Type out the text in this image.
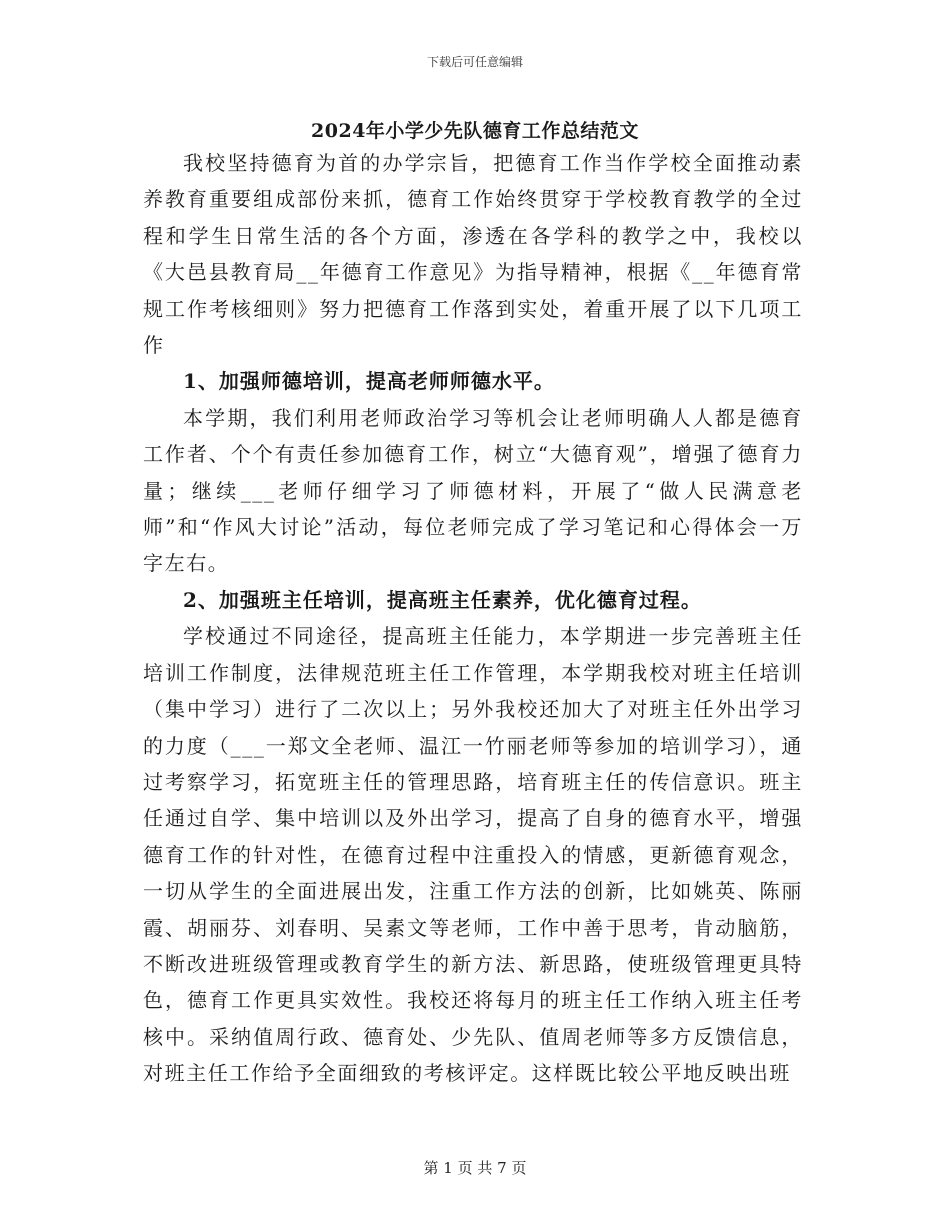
下载后可任意编辑
2024年小学少先队德育工作总结范文

我校坚持德育为首的办学宗旨，把德育工作当作学校全面推动素养教育重要组成部份来抓，德育工作始终贯穿于学校教育教学的全过程和学生日常生活的各个方面，渗透在各学科的教学之中，我校以《大邑县教育局__年德育工作意见》为指导精神，根据《__年德育常规工作考核细则》努力把德育工作落到实处，着重开展了以下几项工作

1、加强师德培训，提高老师师德水平。

本学期，我们利用老师政治学习等机会让老师明确人人都是德育工作者、个个有责任参加德育工作，树立“大德育观”，增强了德育力量；继续___老师仔细学习了师德材料，开展了“做人民满意老师”和“作风大讨论”活动，每位老师完成了学习笔记和心得体会一万字左右。

2、加强班主任培训，提高班主任素养，优化德育过程。

学校通过不同途径，提高班主任能力，本学期进一步完善班主任培训工作制度，法律规范班主任工作管理，本学期我校对班主任培训（集中学习）进行了二次以上；另外我校还加大了对班主任外出学习的力度（___一郑文全老师、温江一竹丽老师等参加的培训学习），通过考察学习，拓宽班主任的管理思路，培育班主任的传信意识。班主任通过自学、集中培训以及外出学习，提高了自身的德育水平，增强德育工作的针对性，在德育过程中注重投入的情感，更新德育观念，一切从学生的全面进展出发，注重工作方法的创新，比如姚英、陈丽霞、胡丽芬、刘春明、吴素文等老师，工作中善于思考，肯动脑筋，不断改进班级管理或教育学生的新方法、新思路，使班级管理更具特色，德育工作更具实效性。我校还将每月的班主任工作纳入班主任考核中。采纳值周行政、德育处、少先队、值周老师等多方反馈信息，对班主任工作给予全面细致的考核评定。这样既比较公平地反映出班

第 1 页 共 7 页
